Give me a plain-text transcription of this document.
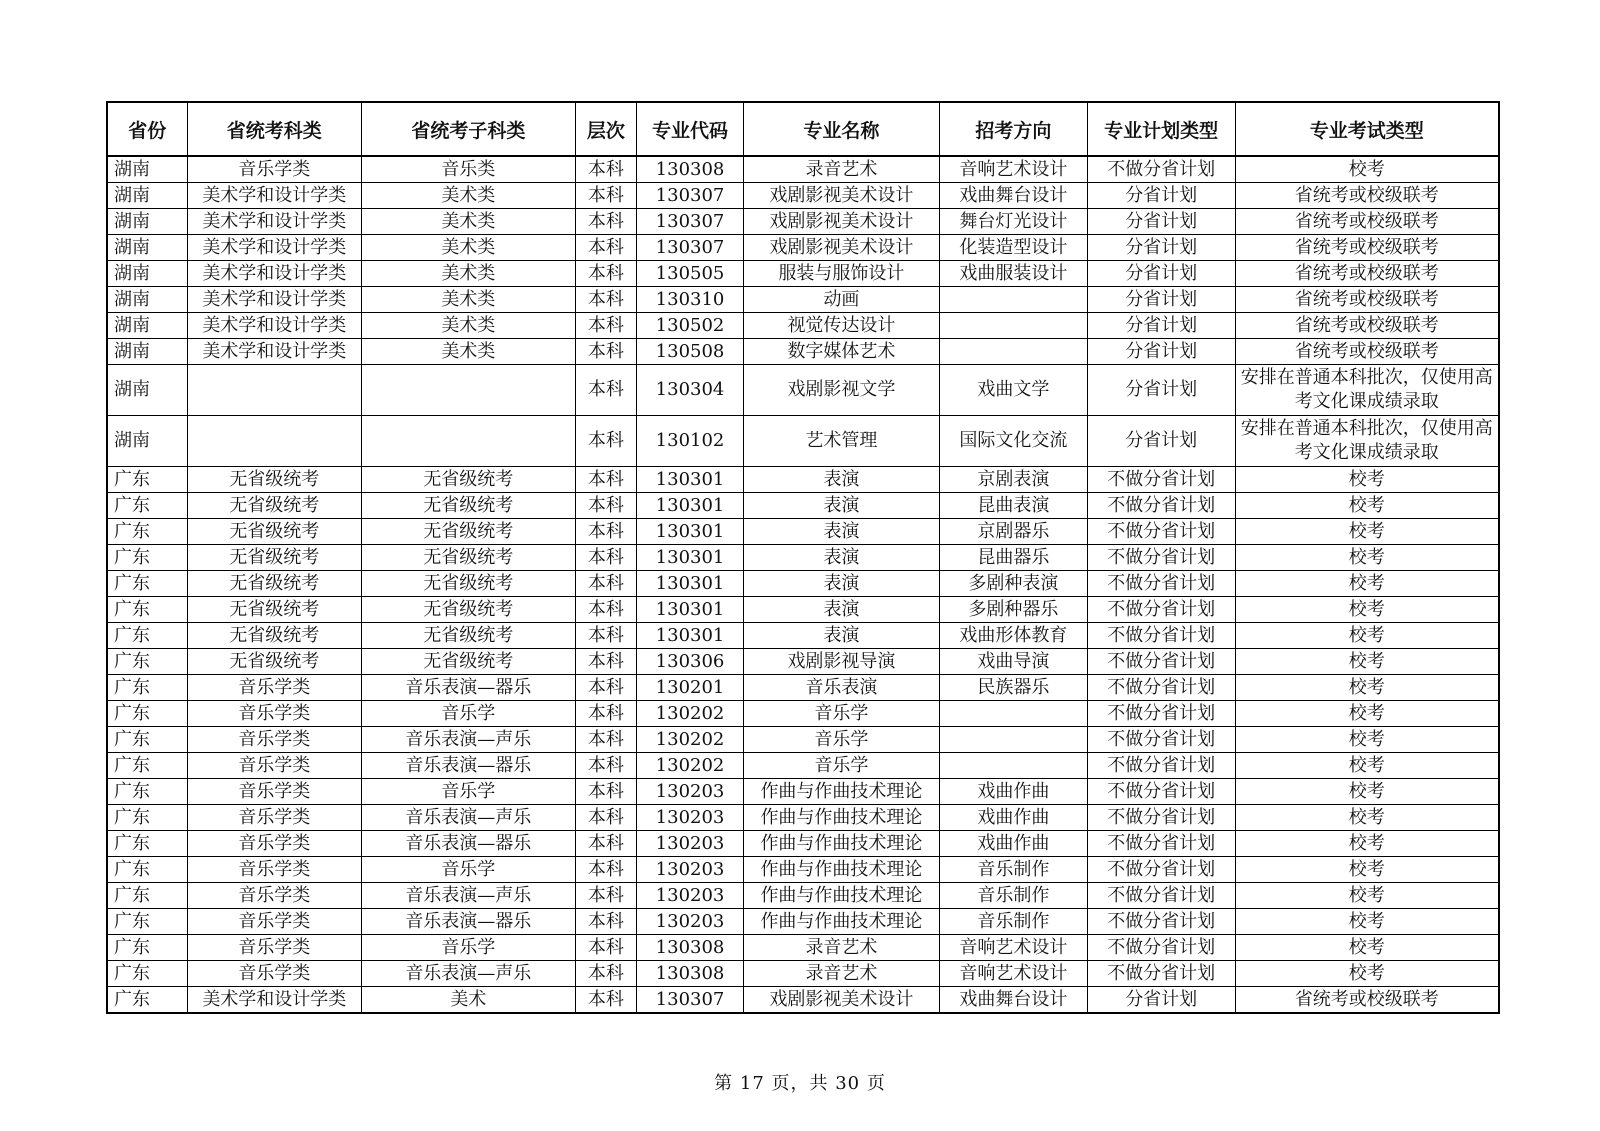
省份	省统考科类	省统考子科类	层次	专业代码	专业名称	招考方向	专业计划类型	专业考试类型
湖南	音乐学类	音乐类	本科	130308	录音艺术	音响艺术设计	不做分省计划	校考
湖南	美术学和设计学类	美术类	本科	130307	戏剧影视美术设计	戏曲舞台设计	分省计划	省统考或校级联考
湖南	美术学和设计学类	美术类	本科	130307	戏剧影视美术设计	舞台灯光设计	分省计划	省统考或校级联考
湖南	美术学和设计学类	美术类	本科	130307	戏剧影视美术设计	化装造型设计	分省计划	省统考或校级联考
湖南	美术学和设计学类	美术类	本科	130505	服装与服饰设计	戏曲服装设计	分省计划	省统考或校级联考
湖南	美术学和设计学类	美术类	本科	130310	动画		分省计划	省统考或校级联考
湖南	美术学和设计学类	美术类	本科	130502	视觉传达设计		分省计划	省统考或校级联考
湖南	美术学和设计学类	美术类	本科	130508	数字媒体艺术		分省计划	省统考或校级联考
湖南			本科	130304	戏剧影视文学	戏曲文学	分省计划	安排在普通本科批次，仅使用高考文化课成绩录取
湖南			本科	130102	艺术管理	国际文化交流	分省计划	安排在普通本科批次，仅使用高考文化课成绩录取
广东	无省级统考	无省级统考	本科	130301	表演	京剧表演	不做分省计划	校考
广东	无省级统考	无省级统考	本科	130301	表演	昆曲表演	不做分省计划	校考
广东	无省级统考	无省级统考	本科	130301	表演	京剧器乐	不做分省计划	校考
广东	无省级统考	无省级统考	本科	130301	表演	昆曲器乐	不做分省计划	校考
广东	无省级统考	无省级统考	本科	130301	表演	多剧种表演	不做分省计划	校考
广东	无省级统考	无省级统考	本科	130301	表演	多剧种器乐	不做分省计划	校考
广东	无省级统考	无省级统考	本科	130301	表演	戏曲形体教育	不做分省计划	校考
广东	无省级统考	无省级统考	本科	130306	戏剧影视导演	戏曲导演	不做分省计划	校考
广东	音乐学类	音乐表演—器乐	本科	130201	音乐表演	民族器乐	不做分省计划	校考
广东	音乐学类	音乐学	本科	130202	音乐学		不做分省计划	校考
广东	音乐学类	音乐表演—声乐	本科	130202	音乐学		不做分省计划	校考
广东	音乐学类	音乐表演—器乐	本科	130202	音乐学		不做分省计划	校考
广东	音乐学类	音乐学	本科	130203	作曲与作曲技术理论	戏曲作曲	不做分省计划	校考
广东	音乐学类	音乐表演—声乐	本科	130203	作曲与作曲技术理论	戏曲作曲	不做分省计划	校考
广东	音乐学类	音乐表演—器乐	本科	130203	作曲与作曲技术理论	戏曲作曲	不做分省计划	校考
广东	音乐学类	音乐学	本科	130203	作曲与作曲技术理论	音乐制作	不做分省计划	校考
广东	音乐学类	音乐表演—声乐	本科	130203	作曲与作曲技术理论	音乐制作	不做分省计划	校考
广东	音乐学类	音乐表演—器乐	本科	130203	作曲与作曲技术理论	音乐制作	不做分省计划	校考
广东	音乐学类	音乐学	本科	130308	录音艺术	音响艺术设计	不做分省计划	校考
广东	音乐学类	音乐表演—声乐	本科	130308	录音艺术	音响艺术设计	不做分省计划	校考
广东	美术学和设计学类	美术	本科	130307	戏剧影视美术设计	戏曲舞台设计	分省计划	省统考或校级联考
第 17 页，共 30 页
